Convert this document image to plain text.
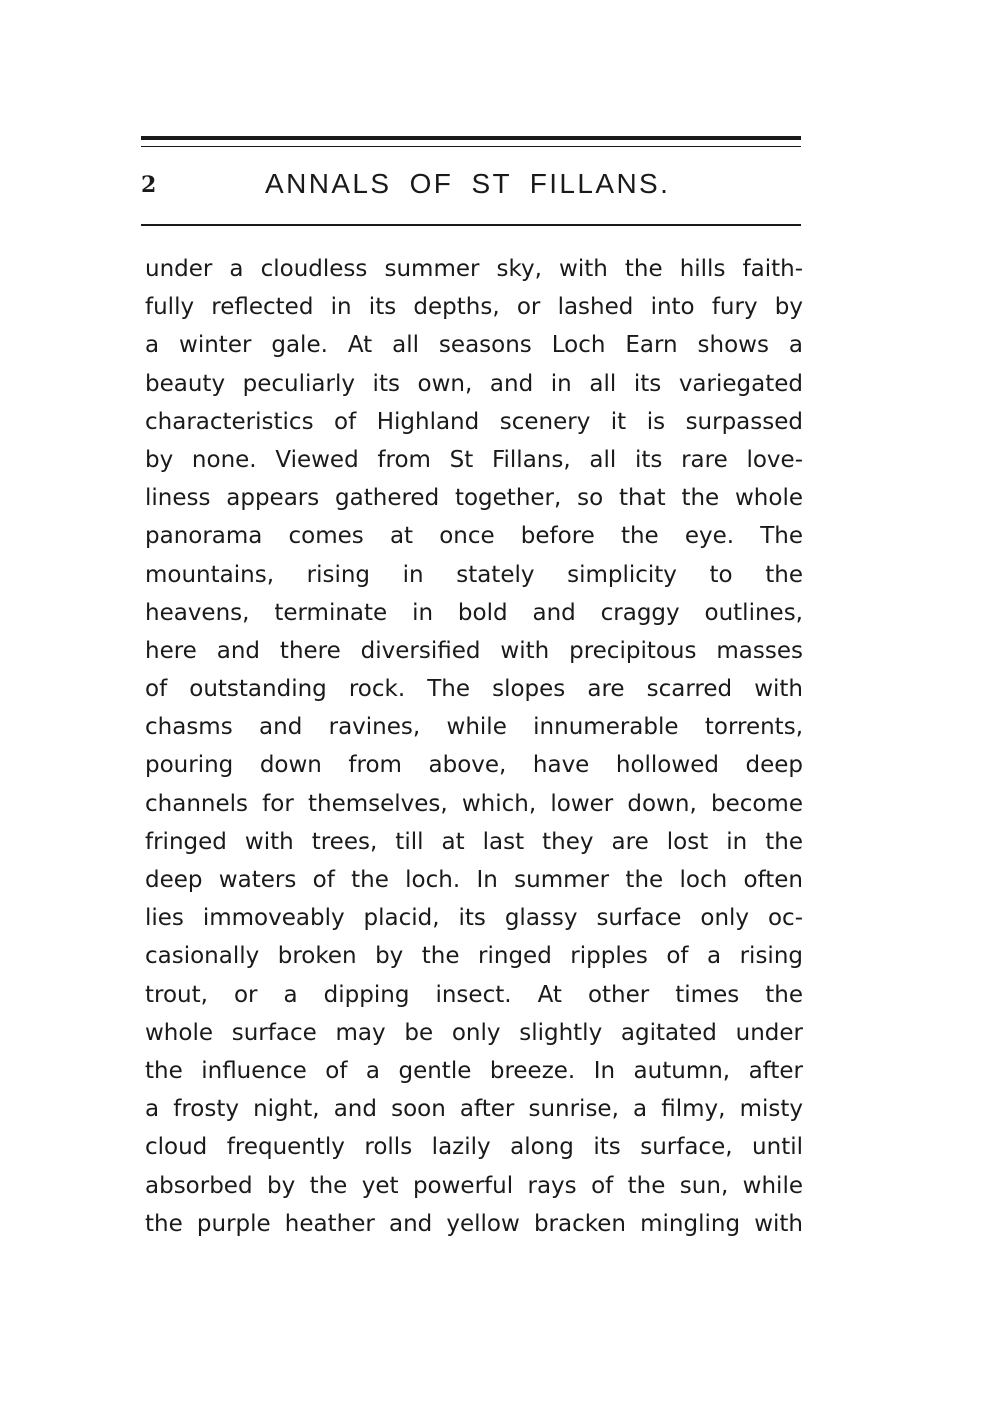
2	ANNALS OF ST FILLANS.
under a cloudless summer sky, with the hills faith-
fully reflected in its depths, or lashed into fury by
a winter gale. At all seasons Loch Earn shows a
beauty peculiarly its own, and in all its variegated
characteristics of Highland scenery it is surpassed
by none. Viewed from St Fillans, all its rare love-
liness appears gathered together, so that the whole
panorama comes at once before the eye. The
mountains, rising in stately simplicity to the
heavens, terminate in bold and craggy outlines,
here and there diversified with precipitous masses
of outstanding rock. The slopes are scarred with
chasms and ravines, while innumerable torrents,
pouring down from above, have hollowed deep
channels for themselves, which, lower down, become
fringed with trees, till at last they are lost in the
deep waters of the loch. In summer the loch often
lies immoveably placid, its glassy surface only oc-
casionally broken by the ringed ripples of a rising
trout, or a dipping insect. At other times the
whole surface may be only slightly agitated under
the influence of a gentle breeze. In autumn, after
a frosty night, and soon after sunrise, a filmy, misty
cloud frequently rolls lazily along its surface, until
absorbed by the yet powerful rays of the sun, while
the purple heather and yellow bracken mingling with
